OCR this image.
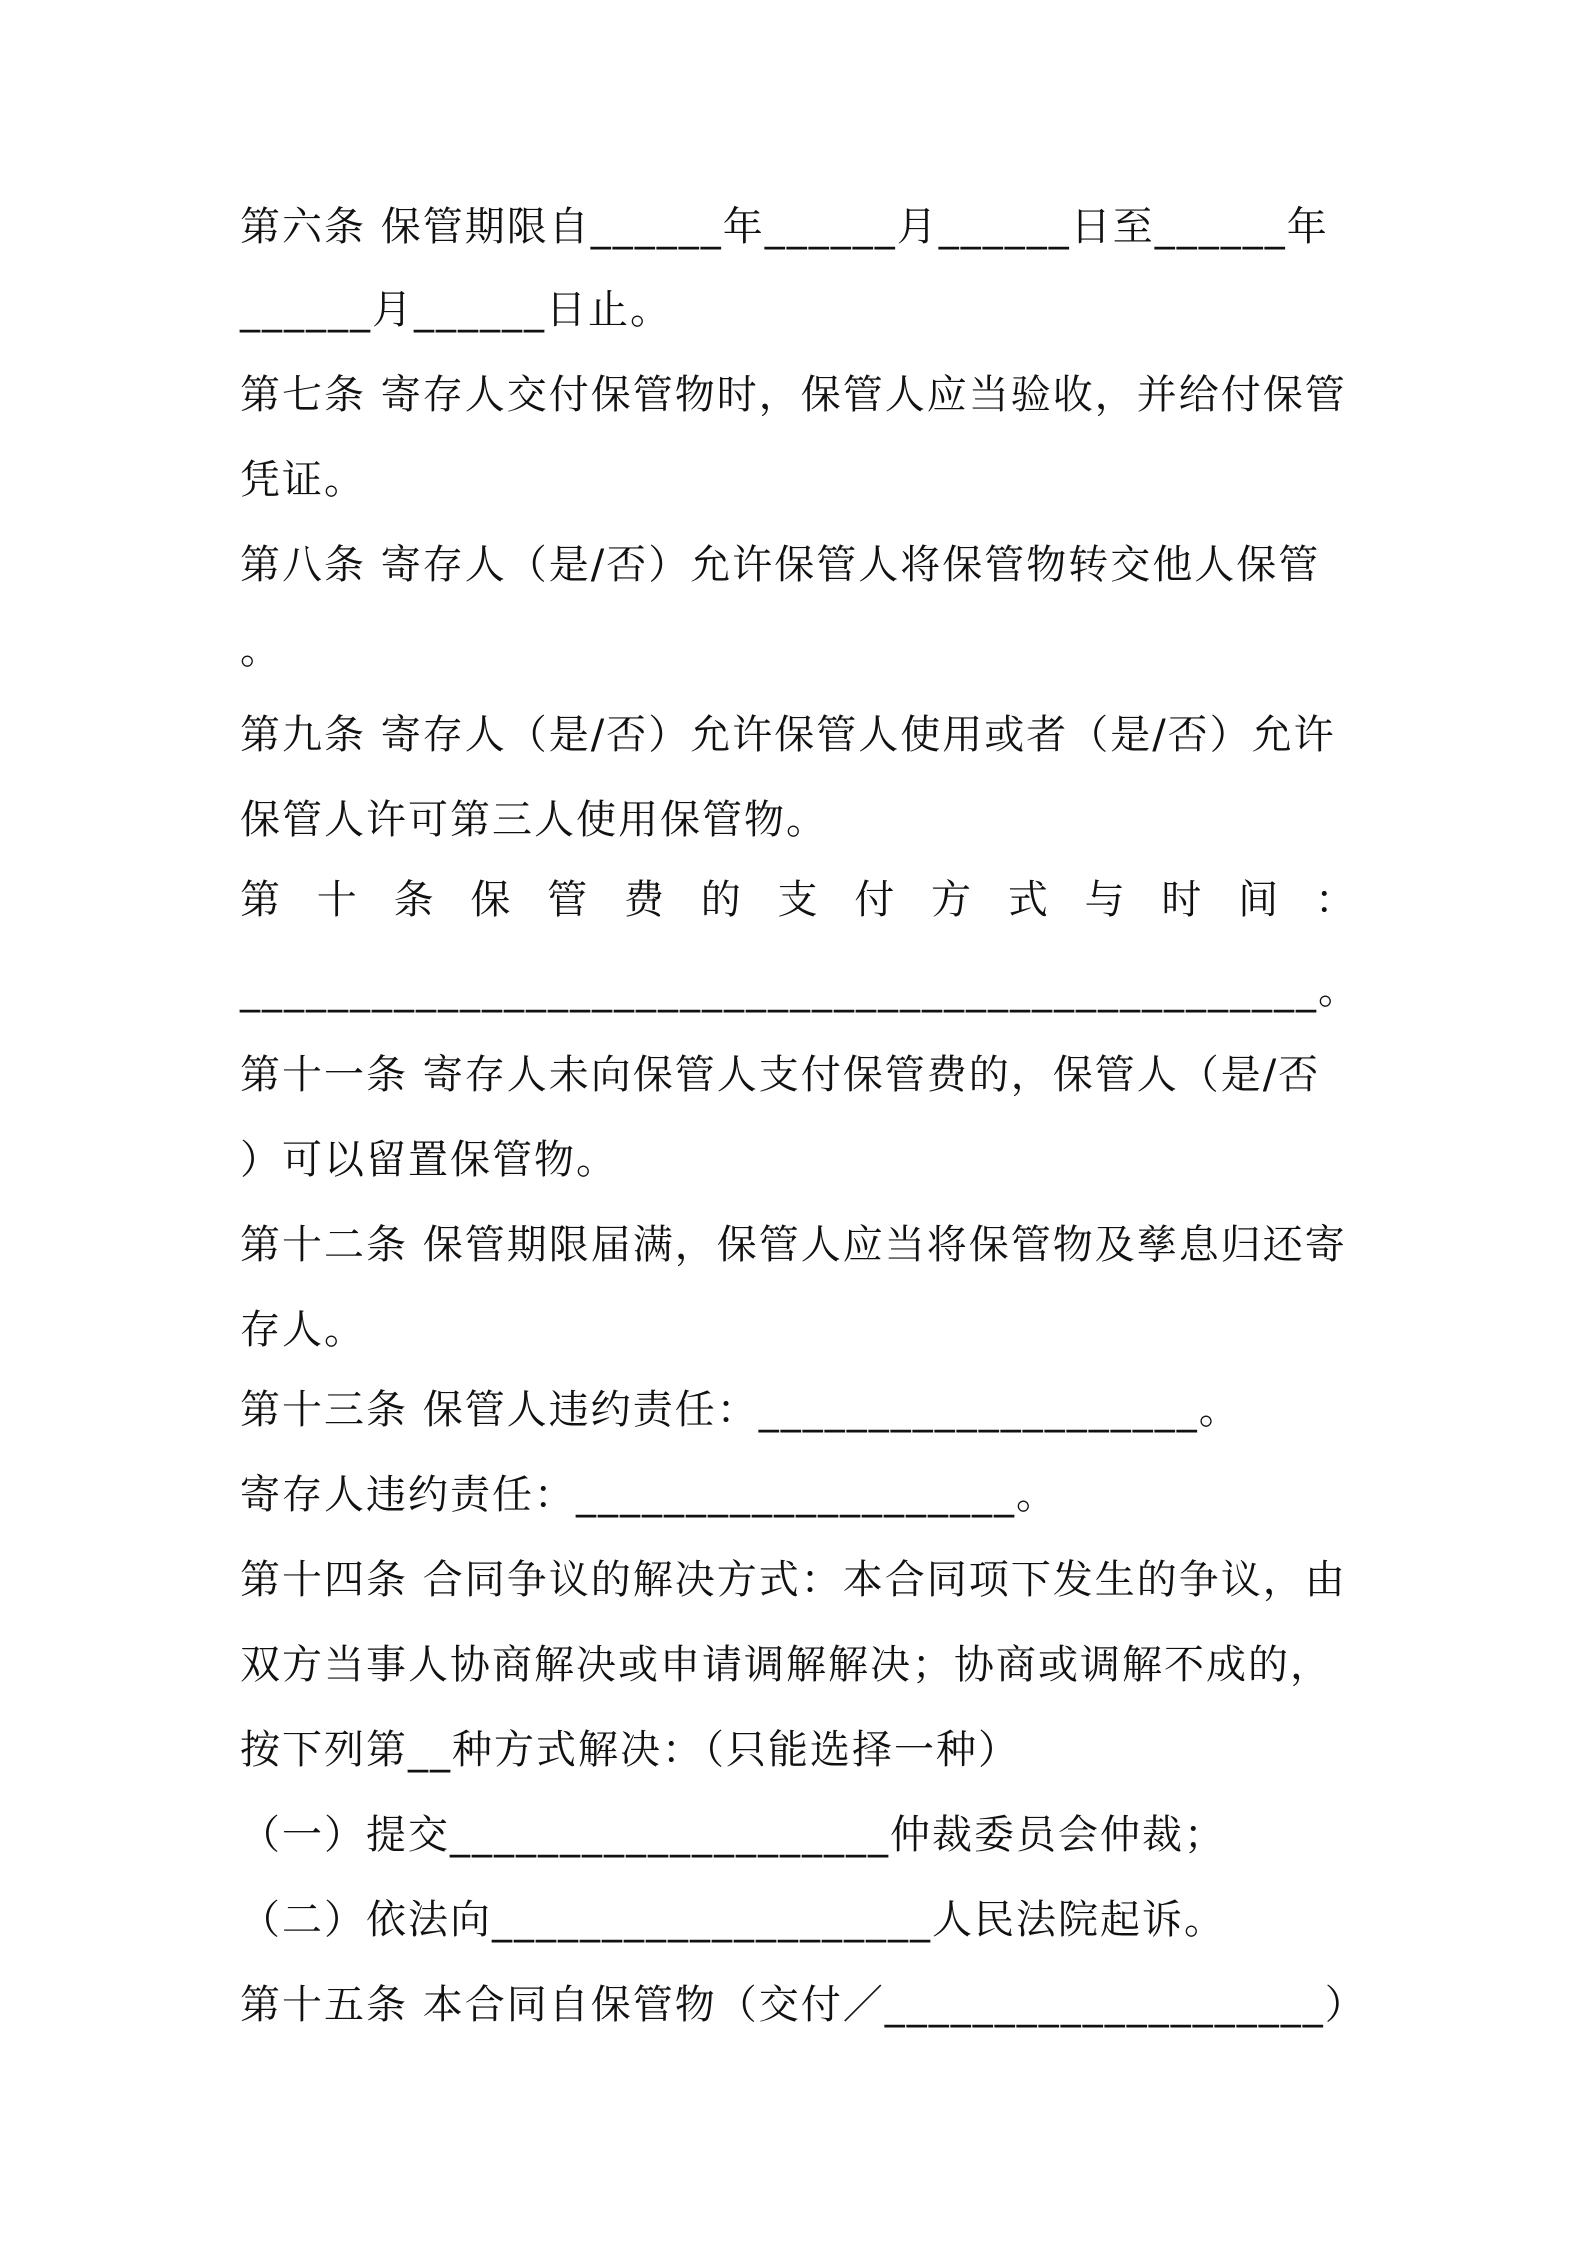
第六条 保管期限自______年______月______日至______年
______月______日止。
第七条 寄存人交付保管物时，保管人应当验收，并给付保管
凭证。
第八条 寄存人（是/否）允许保管人将保管物转交他人保管
。
第九条 寄存人（是/否）允许保管人使用或者（是/否）允许
保管人许可第三人使用保管物。
第 十 条 保 管 费 的 支 付 方 式 与 时 间 ：
_________________________________________________。
第十一条 寄存人未向保管人支付保管费的，保管人（是/否
）可以留置保管物。
第十二条 保管期限届满，保管人应当将保管物及孳息归还寄
存人。
第十三条 保管人违约责任：____________________。
寄存人违约责任：____________________。
第十四条 合同争议的解决方式：本合同项下发生的争议，由
双方当事人协商解决或申请调解解决；协商或调解不成的，
按下列第__种方式解决：（只能选择一种）
（一）提交____________________仲裁委员会仲裁；
（二）依法向____________________人民法院起诉。
第十五条 本合同自保管物（交付／____________________）
